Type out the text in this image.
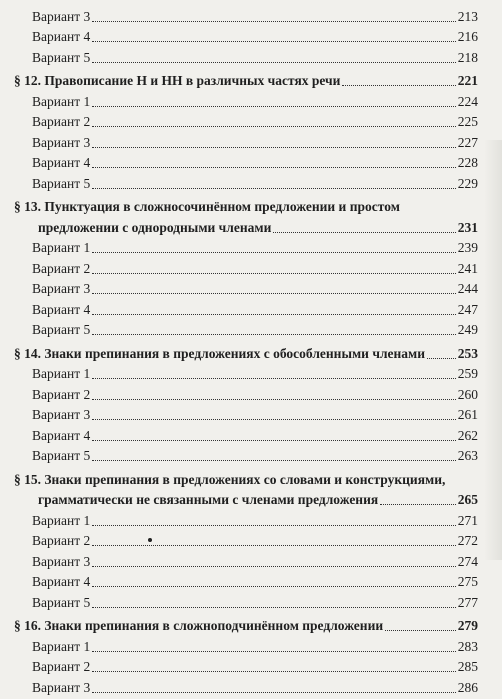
Вариант 3	213
Вариант 4	216
Вариант 5	218
§ 12. Правописание Н и НН в различных частях речи	221
Вариант 1	224
Вариант 2	225
Вариант 3	227
Вариант 4	228
Вариант 5	229
§ 13. Пунктуация в сложносочинённом предложении и простом
предложении с однородными членами	231
Вариант 1	239
Вариант 2	241
Вариант 3	244
Вариант 4	247
Вариант 5	249
§ 14. Знаки препинания в предложениях с обособленными членами 253
Вариант 1	259
Вариант 2	260
Вариант 3	261
Вариант 4	262
Вариант 5	263
§ 15. Знаки препинания в предложениях со словами и конструкциями,
грамматически не связанными с членами предложения	265
Вариант 1	271
Вариант 2	272
Вариант 3	274
Вариант 4	275
Вариант 5	277
§ 16. Знаки препинания в сложноподчинённом предложении	279
Вариант 1	283
Вариант 2	285
Вариант 3	286
